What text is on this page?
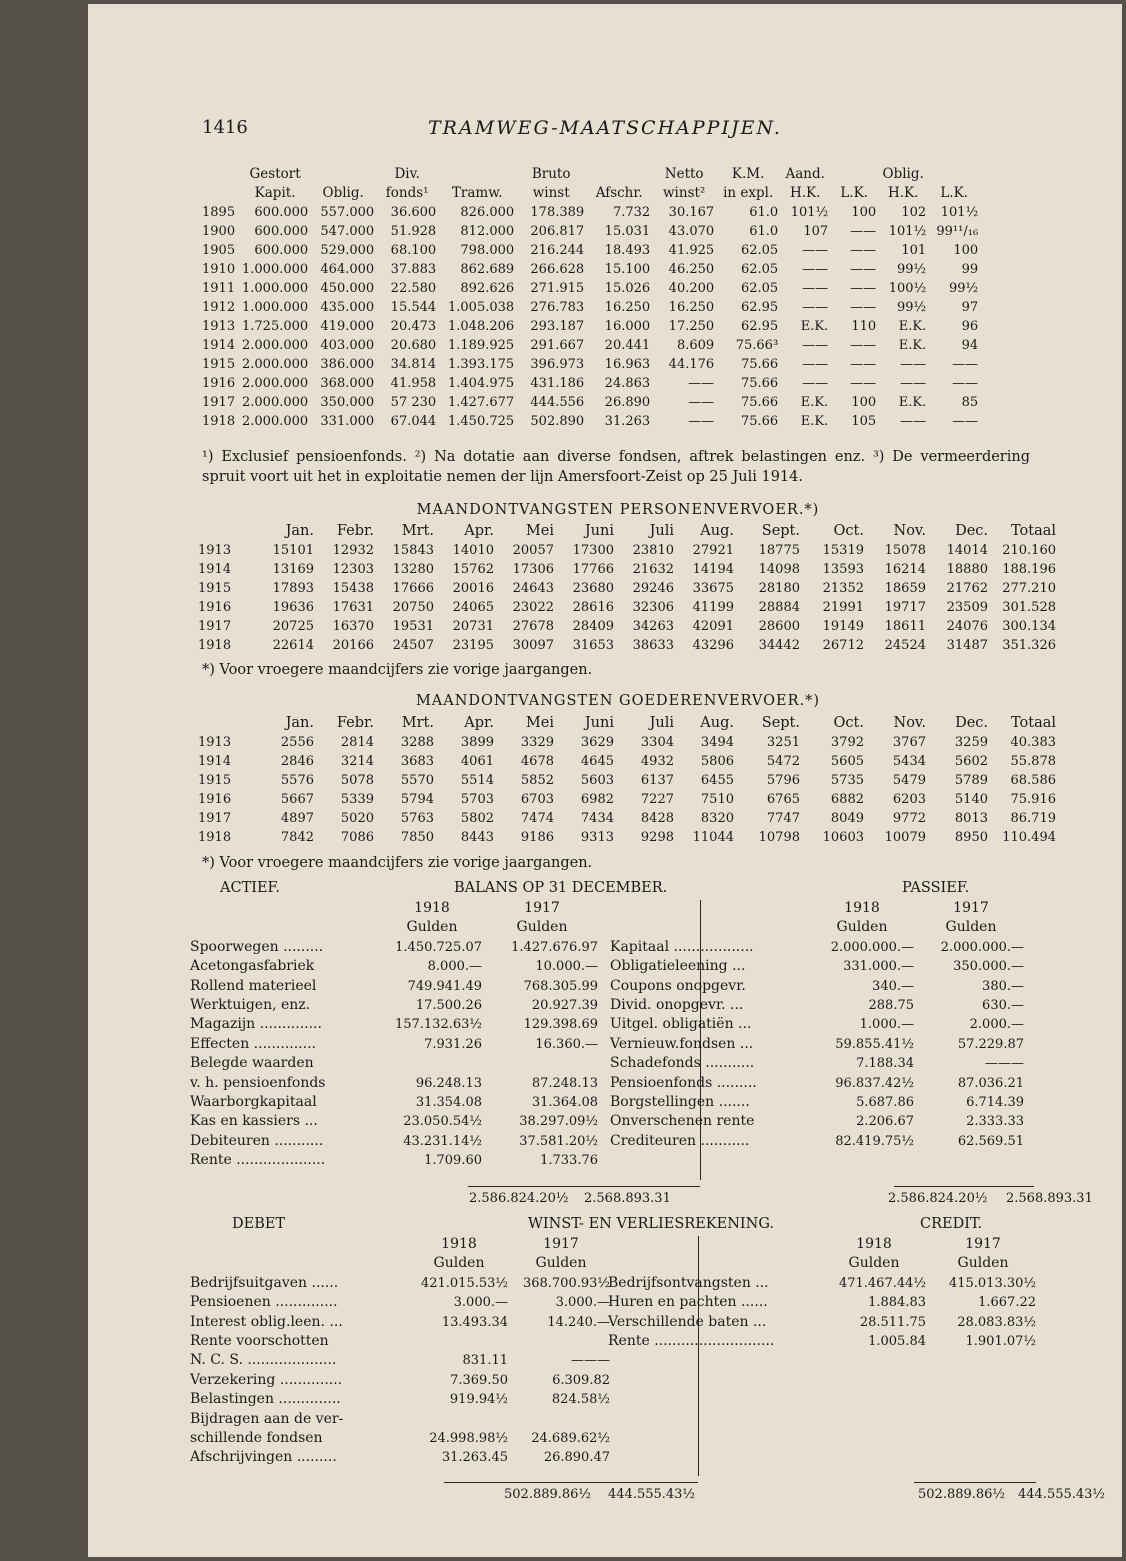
1416	TRAMWEG-MAATSCHAPPIJEN.
	Gestort		Div.		Bruto		Netto	K.M.	Aand.		Oblig.	
	Kapit.	Oblig.	fonds¹	Tramw.	winst	Afschr.	winst²	in expl.	H.K.	L.K.	H.K.	L.K.
1895	600.000	557.000	36.600	826.000	178.389	7.732	30.167	61.0	101½	100	102	101½
1900	600.000	547.000	51.928	812.000	206.817	15.031	43.070	61.0	107	——	101½	99¹¹/₁₆
1905	600.000	529.000	68.100	798.000	216.244	18.493	41.925	62.05	——	——	101	100
1910	1.000.000	464.000	37.883	862.689	266.628	15.100	46.250	62.05	——	——	99½	99
1911	1.000.000	450.000	22.580	892.626	271.915	15.026	40.200	62.05	——	——	100½	99½
1912	1.000.000	435.000	15.544	1.005.038	276.783	16.250	16.250	62.95	——	——	99½	97
1913	1.725.000	419.000	20.473	1.048.206	293.187	16.000	17.250	62.95	E.K.	110	E.K.	96
1914	2.000.000	403.000	20.680	1.189.925	291.667	20.441	8.609	75.66³	——	——	E.K.	94
1915	2.000.000	386.000	34.814	1.393.175	396.973	16.963	44.176	75.66	——	——	——	——
1916	2.000.000	368.000	41.958	1.404.975	431.186	24.863	——	75.66	——	——	——	——
1917	2.000.000	350.000	57 230	1.427.677	444.556	26.890	——	75.66	E.K.	100	E.K.	85
1918	2.000.000	331.000	67.044	1.450.725	502.890	31.263	——	75.66	E.K.	105	——	——
¹) Exclusief pensioenfonds. ²) Na dotatie aan diverse fondsen, aftrek belastingen enz. ³) De vermeerdering spruit voort uit het in exploitatie nemen der lijn Amersfoort-Zeist op 25 Juli 1914.
MAANDONTVANGSTEN PERSONENVERVOER.*)
	Jan.	Febr.	Mrt.	Apr.	Mei	Juni	Juli	Aug.	Sept.	Oct.	Nov.	Dec.	Totaal
1913	15101	12932	15843	14010	20057	17300	23810	27921	18775	15319	15078	14014	210.160
1914	13169	12303	13280	15762	17306	17766	21632	14194	14098	13593	16214	18880	188.196
1915	17893	15438	17666	20016	24643	23680	29246	33675	28180	21352	18659	21762	277.210
1916	19636	17631	20750	24065	23022	28616	32306	41199	28884	21991	19717	23509	301.528
1917	20725	16370	19531	20731	27678	28409	34263	42091	28600	19149	18611	24076	300.134
1918	22614	20166	24507	23195	30097	31653	38633	43296	34442	26712	24524	31487	351.326
*) Voor vroegere maandcijfers zie vorige jaargangen.
MAANDONTVANGSTEN GOEDERENVERVOER.*)
	Jan.	Febr.	Mrt.	Apr.	Mei	Juni	Juli	Aug.	Sept.	Oct.	Nov.	Dec.	Totaal
1913	2556	2814	3288	3899	3329	3629	3304	3494	3251	3792	3767	3259	40.383
1914	2846	3214	3683	4061	4678	4645	4932	5806	5472	5605	5434	5602	55.878
1915	5576	5078	5570	5514	5852	5603	6137	6455	5796	5735	5479	5789	68.586
1916	5667	5339	5794	5703	6703	6982	7227	7510	6765	6882	6203	5140	75.916
1917	4897	5020	5763	5802	7474	7434	8428	8320	7747	8049	9772	8013	86.719
1918	7842	7086	7850	8443	9186	9313	9298	11044	10798	10603	10079	8950	110.494
*) Voor vroegere maandcijfers zie vorige jaargangen.
ACTIEF.	BALANS OP 31 DECEMBER.	PASSIEF.
	1918	1917
	Gulden	Gulden
Spoorwegen .........	1.450.725.07	1.427.676.97
Acetongasfabriek	8.000.—	10.000.—
Rollend materieel	749.941.49	768.305.99
Werktuigen, enz.	17.500.26	20.927.39
Magazijn ..............	157.132.63½	129.398.69
Effecten ..............	7.931.26	16.360.—
Belegde waarden		
v. h. pensioenfonds	96.248.13	87.248.13
Waarborgkapitaal	31.354.08	31.364.08
Kas en kassiers ...	23.050.54½	38.297.09½
Debiteuren ...........	43.231.14½	37.581.20½
Rente ....................	1.709.60	1.733.76
	1918	1917
	Gulden	Gulden
Kapitaal ..................	2.000.000.—	2.000.000.—
Obligatieleening ...	331.000.—	350.000.—
Coupons onopgevr.	340.—	380.—
Divid. onopgevr. ...	288.75	630.—
Uitgel. obligatiën ...	1.000.—	2.000.—
Vernieuw.fondsen ...	59.855.41½	57.229.87
Schadefonds ...........	7.188.34	———
Pensioenfonds .........	96.837.42½	87.036.21
Borgstellingen .......	5.687.86	6.714.39
Onverschenen rente	2.206.67	2.333.33
Crediteuren ...........	82.419.75½	62.569.51
2.586.824.20½ 2.568.893.31	2.586.824.20½ 2.568.893.31
DEBET	WINST- EN VERLIESREKENING.	CREDIT.
	1918	1917
	Gulden	Gulden
Bedrijfsuitgaven ......	421.015.53½	368.700.93½
Pensioenen ..............	3.000.—	3.000.—
Interest oblig.leen. ...	13.493.34	14.240.—
Rente voorschotten		
N. C. S. ....................	831.11	———
Verzekering ..............	7.369.50	6.309.82
Belastingen ..............	919.94½	824.58½
Bijdragen aan de ver-		
schillende fondsen	24.998.98½	24.689.62½
Afschrijvingen .........	31.263.45	26.890.47
	1918	1917
	Gulden	Gulden
Bedrijfsontvangsten ...	471.467.44½	415.013.30½
Huren en pachten ......	1.884.83	1.667.22
Verschillende baten ...	28.511.75	28.083.83½
Rente ...........................	1.005.84	1.901.07½
502.889.86½ 444.555.43½	502.889.86½ 444.555.43½
